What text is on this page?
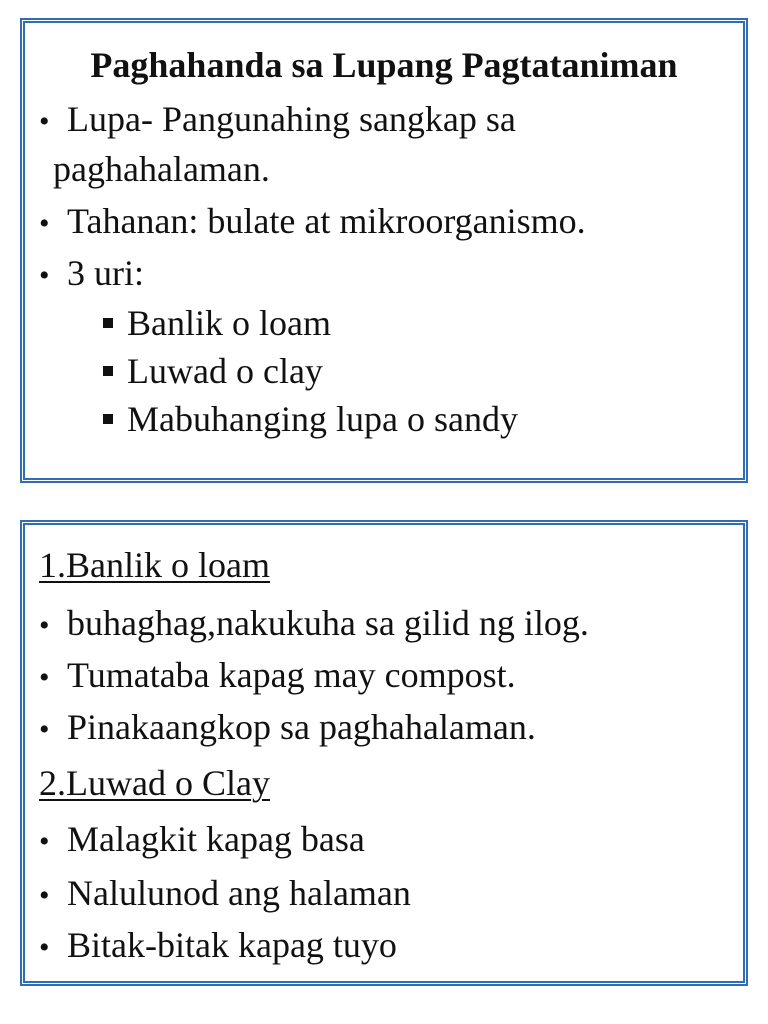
Paghahanda sa Lupang Pagtataniman
• Lupa- Pangunahing sangkap sa
paghahalaman.
• Tahanan: bulate at mikroorganismo.
• 3 uri:
Banlik o loam
Luwad o clay
Mabuhanging lupa o sandy
1.Banlik o loam
• buhaghag,nakukuha sa gilid ng ilog.
• Tumataba kapag may compost.
• Pinakaangkop sa paghahalaman.
2.Luwad o Clay
• Malagkit kapag basa
• Nalulunod ang halaman
• Bitak-bitak kapag tuyo
